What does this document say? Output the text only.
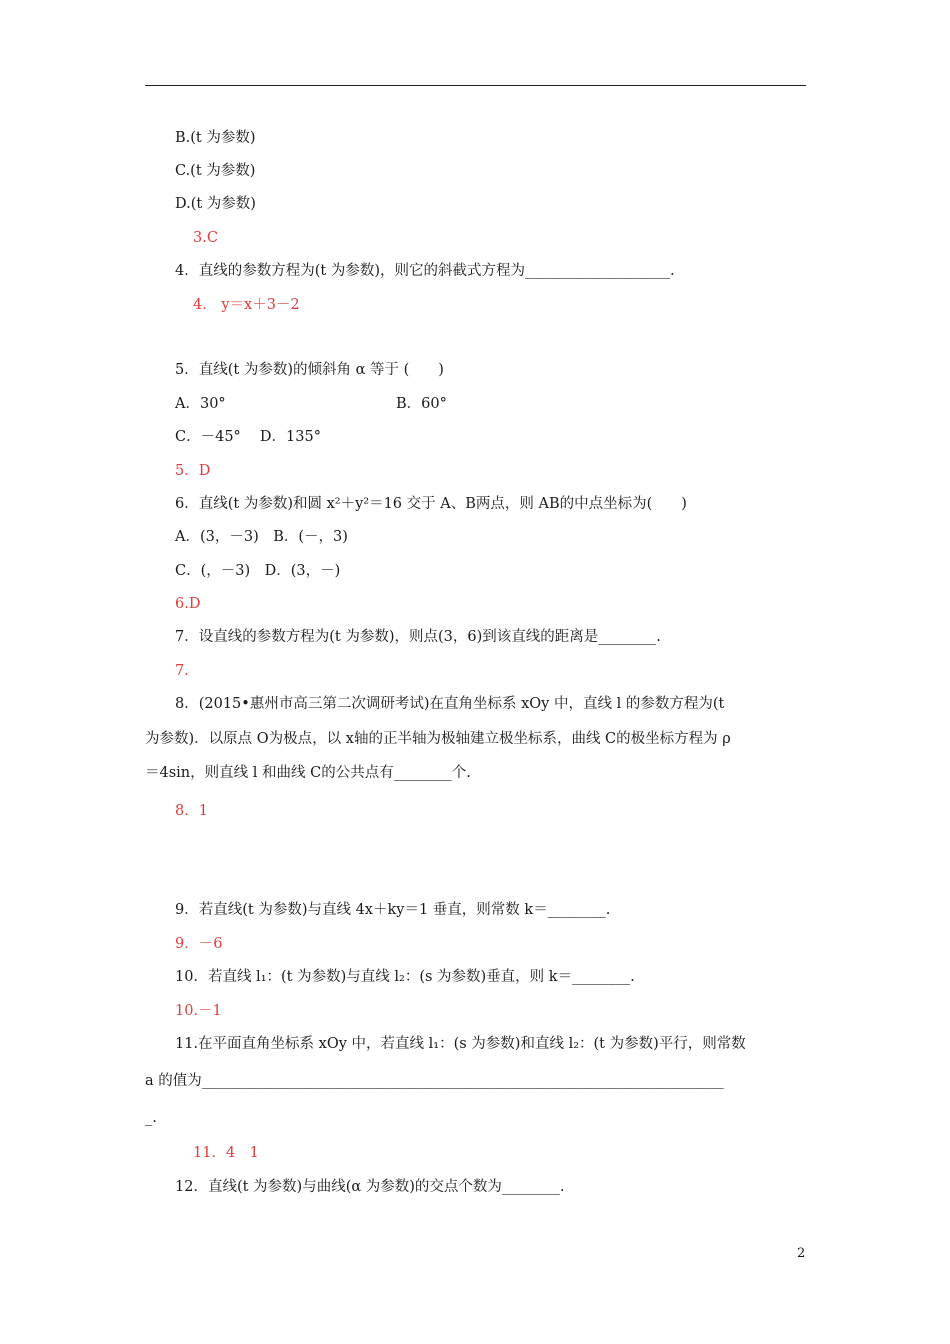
B.(t 为参数)
C.(t 为参数)
D.(t 为参数)
3.C
4．直线的参数方程为(t 为参数)，则它的斜截式方程为____________________.
4． y＝x＋3－2
5．直线(t 为参数)的倾斜角 α 等于 (　　)
A．30°	B．60°
C．－45°　 D．135°
5．D
6．直线(t 为参数)和圆 x²＋y²＝16 交于 A、B两点，则 AB的中点坐标为(　　)
A．(3，－3)　B．(－，3)
C．(，－3)　D．(3，－)
6.D
7．设直线的参数方程为(t 为参数)，则点(3，6)到该直线的距离是________.
7.
8．(2015•惠州市高三第二次调研考试)在直角坐标系 xOy 中，直线 l 的参数方程为(t
为参数)．以原点 O为极点，以 x轴的正半轴为极轴建立极坐标系，曲线 C的极坐标方程为 ρ
＝4sin，则直线 l 和曲线 C的公共点有________个.
8．1
9．若直线(t 为参数)与直线 4x＋ky＝1 垂直，则常数 k＝________.
9．－6
10．若直线 l₁：(t 为参数)与直线 l₂：(s 为参数)垂直，则 k＝________.
10.－1
11.在平面直角坐标系 xOy 中，若直线 l₁：(s 为参数)和直线 l₂：(t 为参数)平行，则常数
a 的值为________________________________________________________________________
_.
11．4　1
12．直线(t 为参数)与曲线(α 为参数)的交点个数为________.
2
